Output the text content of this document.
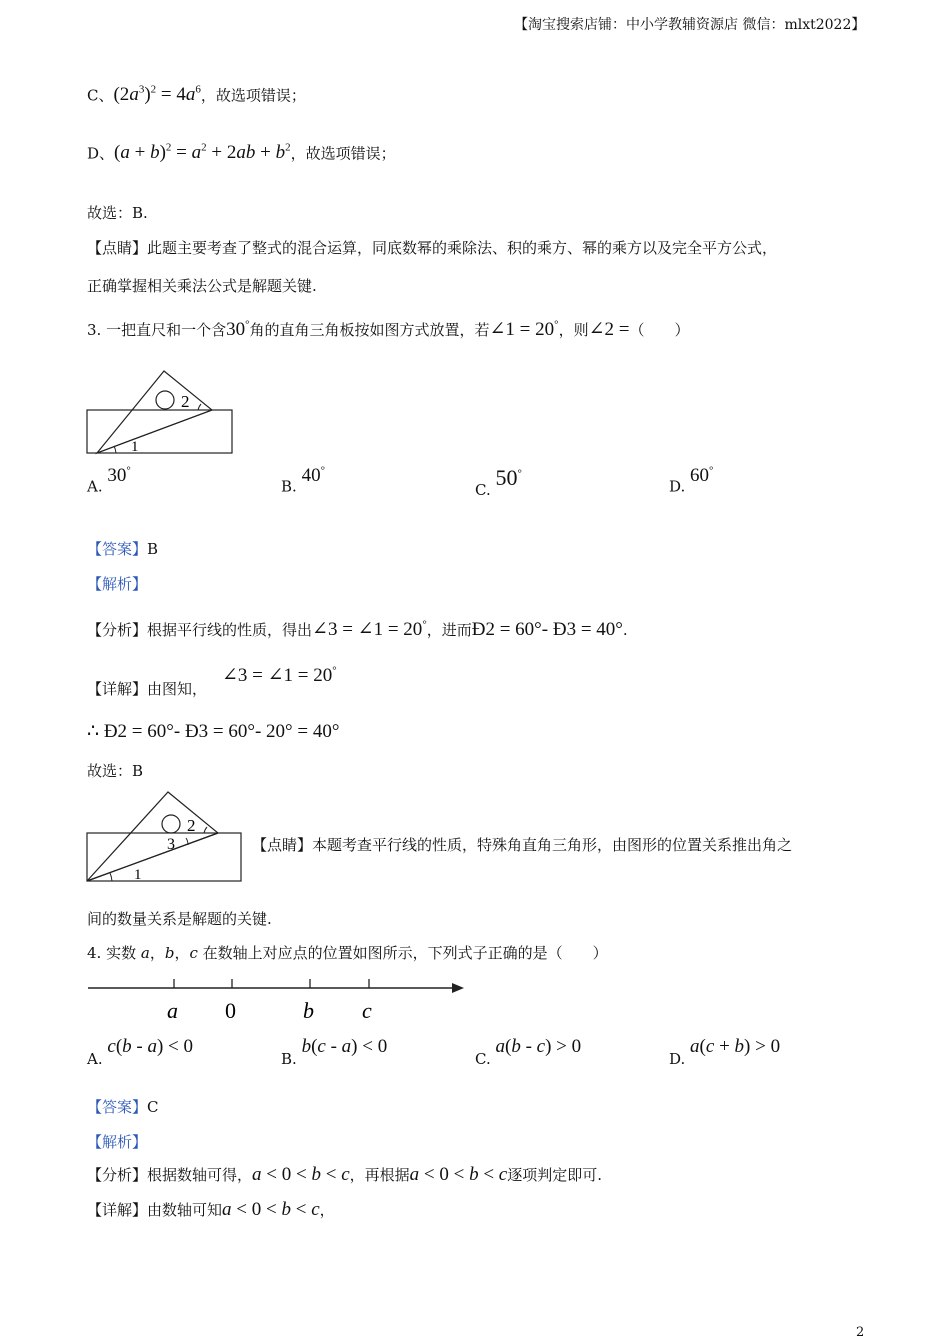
【淘宝搜索店铺：中小学教辅资源店 微信：mlxt2022】
C、$(2a^3)^2 = 4a^6$，故选项错误；
D、$(a + b)^2 = a^2 + 2ab + b^2$，故选项错误；
故选：B.
【点睛】此题主要考查了整式的混合运算，同底数幂的乘除法、积的乘方、幂的乘方以及完全平方公式，
正确掌握相关乘法公式是解题关键.
3. 一把直尺和一个含30°角的直角三角板按如图方式放置，若∠1 = 20°，则∠2 =（　　）
1
2
A. 30°
B. 40°
C. 50°
D. 60°
【答案】B
【解析】
【分析】根据平行线的性质，得出∠3 = ∠1 = 20°，进而Ð2 = 60°- Ð3 = 40°.
【详解】由图知，
∠3 = ∠1 = 20°
∴ Ð2 = 60°- Ð3 = 60°- 20° = 40°
故选：B
1
2
3	【点睛】本题考查平行线的性质，特殊角直角三角形，由图形的位置关系推出角之
间的数量关系是解题的关键.
4. 实数 a，b，c 在数轴上对应点的位置如图所示，下列式子正确的是（　　）
a 0	b c
A. c(b - a) < 0
B. b(c - a) < 0
C. a(b - c) > 0
D. a(c + b) > 0
【答案】C
【解析】
【分析】根据数轴可得，a < 0 < b < c，再根据a < 0 < b < c逐项判定即可.
【详解】由数轴可知a < 0 < b < c，
2
